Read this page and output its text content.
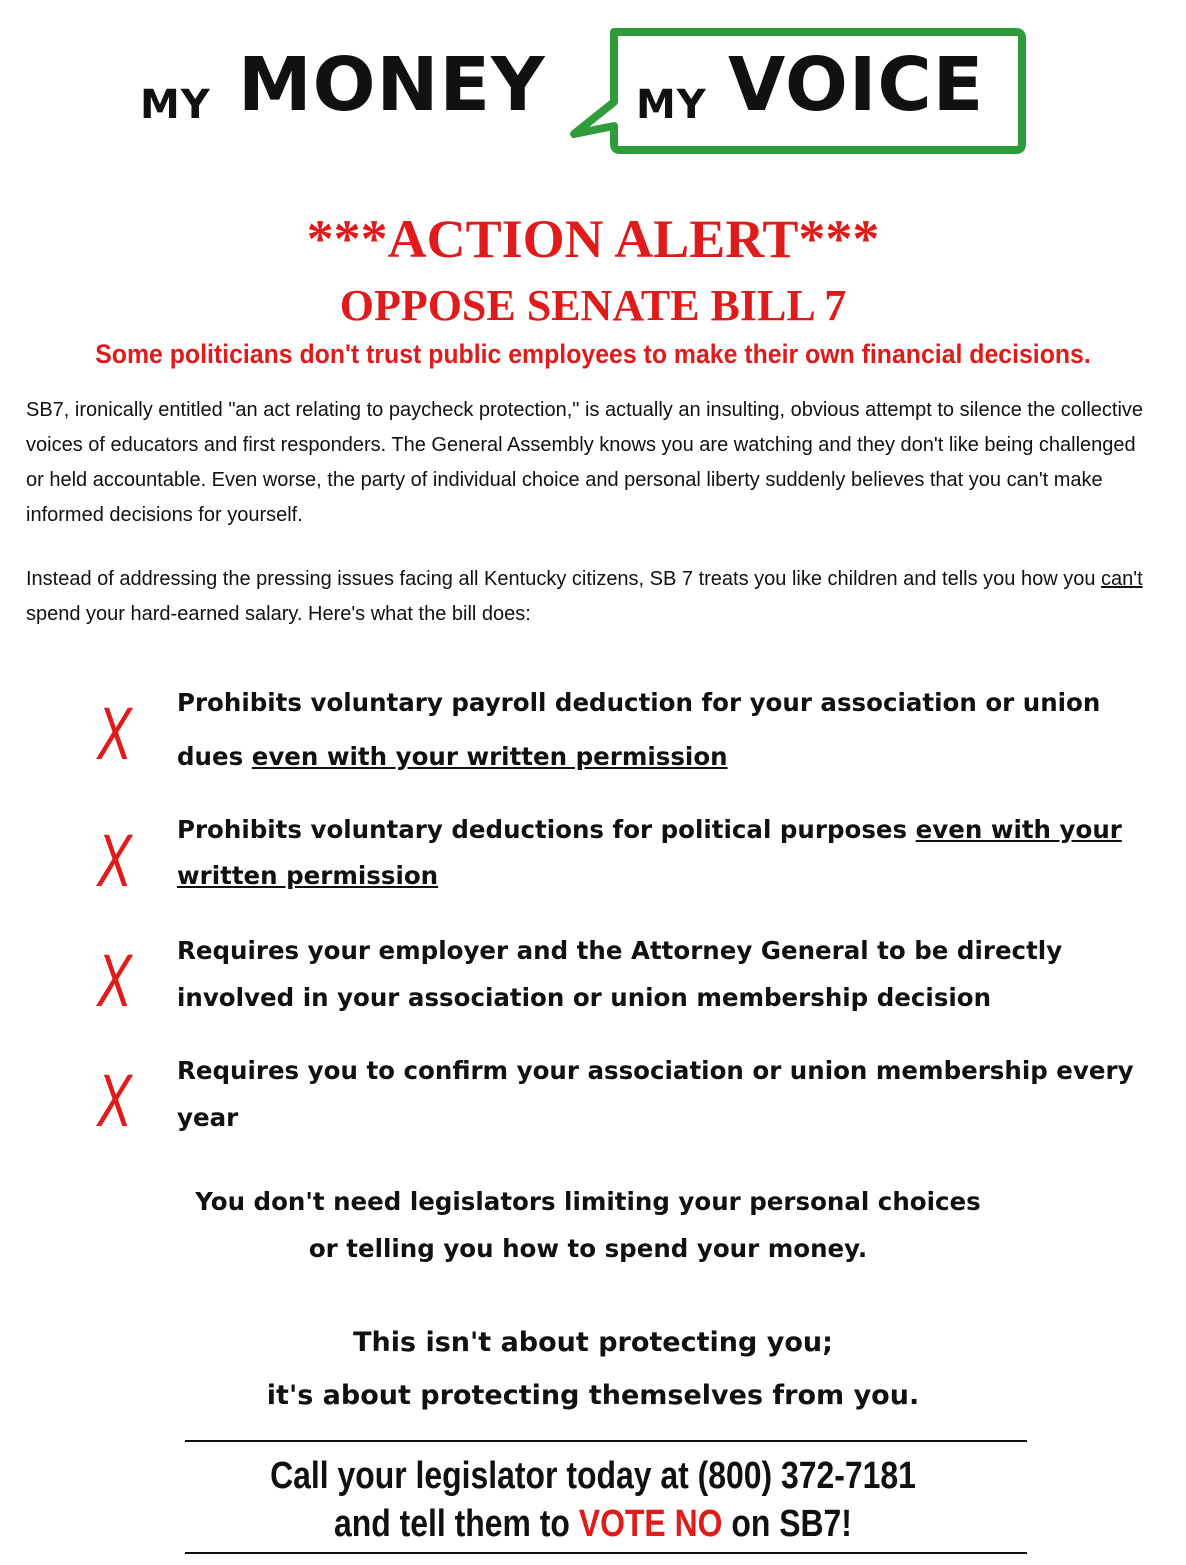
MY MONEY MY VOICE
***ACTION ALERT***
OPPOSE SENATE BILL 7
Some politicians don't trust public employees to make their own financial decisions.
SB7, ironically entitled "an act relating to paycheck protection," is actually an insulting, obvious attempt to silence the collective voices of educators and first responders. The General Assembly knows you are watching and they don't like being challenged or held accountable. Even worse, the party of individual choice and personal liberty suddenly believes that you can't make informed decisions for yourself.
Instead of addressing the pressing issues facing all Kentucky citizens, SB 7 treats you like children and tells you how you can't spend your hard-earned salary. Here's what the bill does:
X Prohibits voluntary payroll deduction for your association or union dues even with your written permission
X Prohibits voluntary deductions for political purposes even with your written permission
X Requires your employer and the Attorney General to be directly involved in your association or union membership decision
X Requires you to confirm your association or union membership every year
You don't need legislators limiting your personal choices
or telling you how to spend your money.
This isn't about protecting you;
it's about protecting themselves from you.
Call your legislator today at (800) 372-7181
and tell them to VOTE NO on SB7!
